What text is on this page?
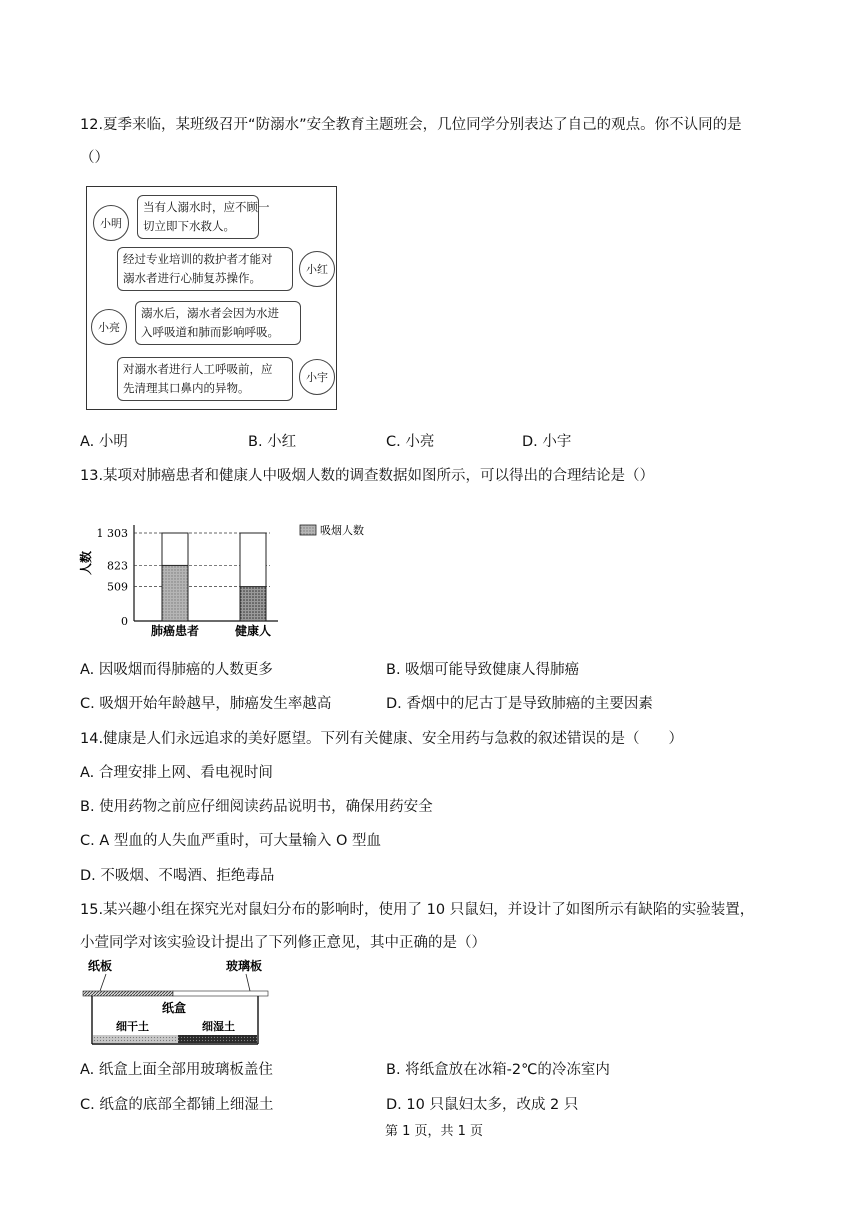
12.夏季来临，某班级召开“防溺水”安全教育主题班会，几位同学分别表达了自己的观点。你不认同的是
（）
小明
当有人溺水时，应不顾一
切立即下水救人。
经过专业培训的救护者才能对
溺水者进行心肺复苏操作。
小红
小亮
溺水后，溺水者会因为水进
入呼吸道和肺而影响呼吸。
对溺水者进行人工呼吸前，应
先清理其口鼻内的异物。
小宇
A. 小明	B. 小红	C. 小亮	D. 小宇
13.某项对肺癌患者和健康人中吸烟人数的调查数据如图所示，可以得出的合理结论是（）
人数
0
509
823
1 303
肺癌患者	健康人
吸烟人数
A. 因吸烟而得肺癌的人数更多	B. 吸烟可能导致健康人得肺癌
C. 吸烟开始年龄越早，肺癌发生率越高	D. 香烟中的尼古丁是导致肺癌的主要因素
14.健康是人们永远追求的美好愿望。下列有关健康、安全用药与急救的叙述错误的是（　　）
A. 合理安排上网、看电视时间
B. 使用药物之前应仔细阅读药品说明书，确保用药安全
C. A 型血的人失血严重时，可大量输入 O 型血
D. 不吸烟、不喝酒、拒绝毒品
15.某兴趣小组在探究光对鼠妇分布的影响时，使用了 10 只鼠妇，并设计了如图所示有缺陷的实验装置，
小萱同学对该实验设计提出了下列修正意见，其中正确的是（）
纸板	玻璃板
纸盒
细干土	细湿土
A. 纸盒上面全部用玻璃板盖住	B. 将纸盒放在冰箱-2℃的冷冻室内
C. 纸盒的底部全都铺上细湿土	D. 10 只鼠妇太多，改成 2 只
第 1 页，共 1 页
